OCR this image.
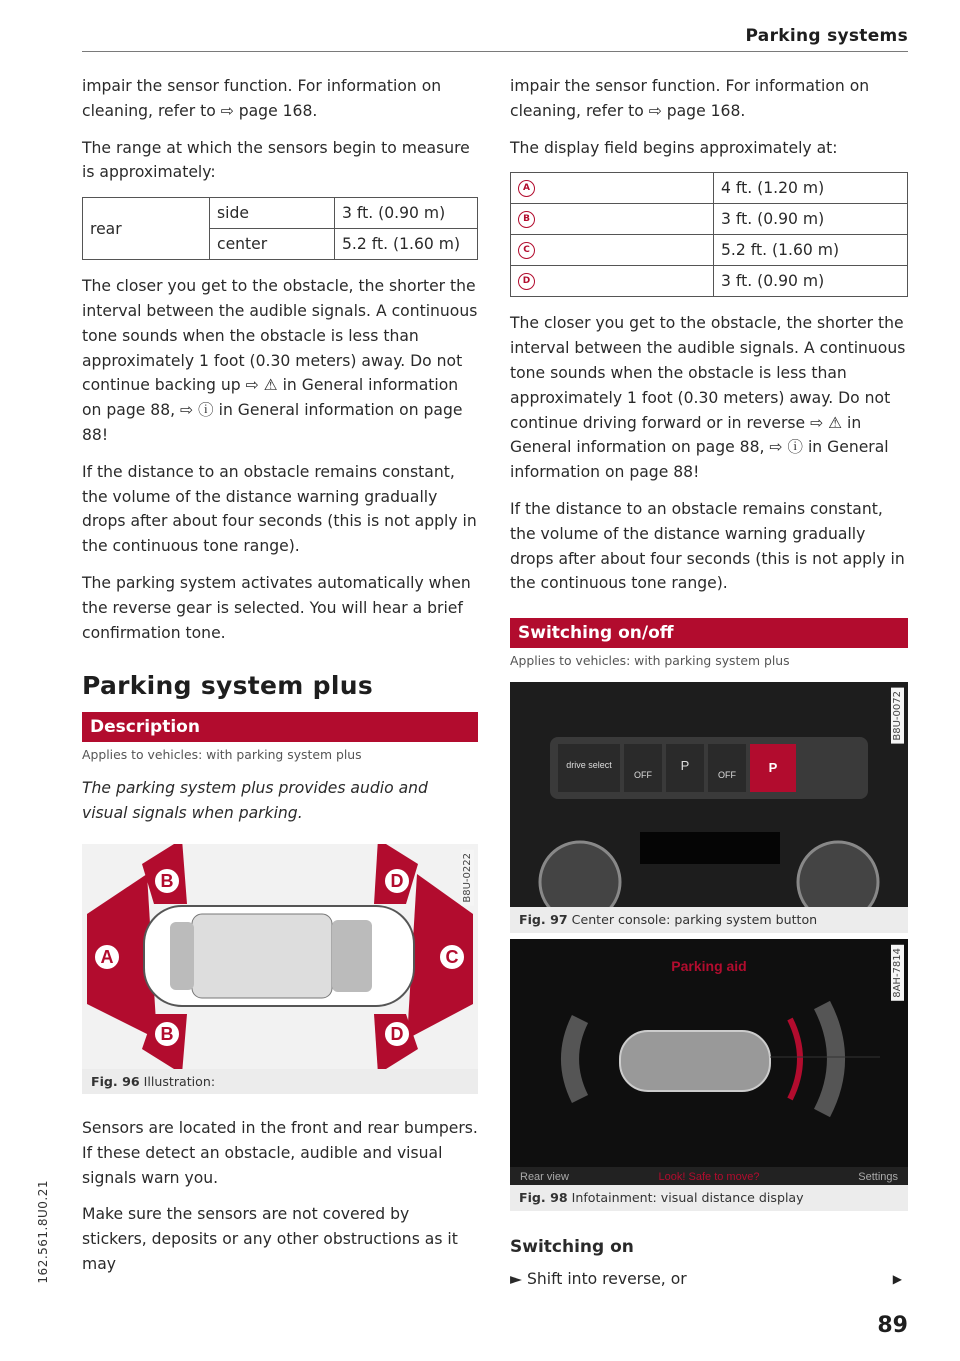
Parking systems

impair the sensor function. For information on cleaning, refer to ⇨ page 168.

The range at which the sensors begin to measure is approximately:

rear	side	3 ft. (0.90 m)
	center	5.2 ft. (1.60 m)

The closer you get to the obstacle, the shorter the interval between the audible signals. A continuous tone sounds when the obstacle is less than approximately 1 foot (0.30 meters) away. Do not continue backing up ⇨ ⚠ in General information on page 88, ⇨ ⓘ in General information on page 88!

If the distance to an obstacle remains constant, the volume of the distance warning gradually drops after about four seconds (this is not apply in the continuous tone range).

The parking system activates automatically when the reverse gear is selected. You will hear a brief confirmation tone.

Parking system plus
Description
Applies to vehicles: with parking system plus

The parking system plus provides audio and visual signals when parking.

B
A
B
D
C
D
B8U-0222
Fig. 96 Illustration:

Sensors are located in the front and rear bumpers. If these detect an obstacle, audible and visual signals warn you.

Make sure the sensors are not covered by stickers, deposits or any other obstructions as it may

impair the sensor function. For information on cleaning, refer to ⇨ page 168.

The display field begins approximately at:

A	4 ft. (1.20 m)
B	3 ft. (0.90 m)
C	5.2 ft. (1.60 m)
D	3 ft. (0.90 m)

The closer you get to the obstacle, the shorter the interval between the audible signals. A continuous tone sounds when the obstacle is less than approximately 1 foot (0.30 meters) away. Do not continue driving forward or in reverse ⇨ ⚠ in General information on page 88, ⇨ ⓘ in General information on page 88!

If the distance to an obstacle remains constant, the volume of the distance warning gradually drops after about four seconds (this is not apply in the continuous tone range).

Switching on/off
Applies to vehicles: with parking system plus
drive select
OFF
P
OFF	P
B8U-0072
Fig. 97 Center console: parking system button
Parking aid
Rear view	Look! Safe to move?	Settings
8AH-7814
Fig. 98 Infotainment: visual distance display
Switching on

► Shift into reverse, or	▶
89
162.561.8U0.21
